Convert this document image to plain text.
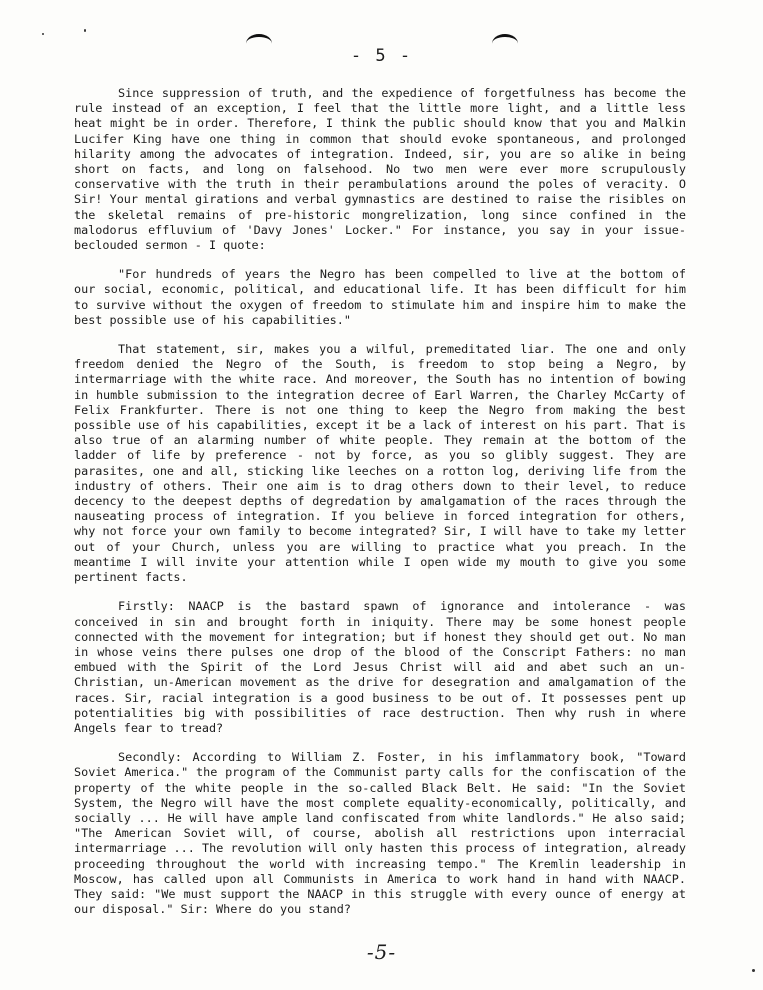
- 5 -

Since suppression of truth, and the expedience of forgetfulness has become the rule instead of an exception, I feel that the little more light, and a little less heat might be in order. Therefore, I think the public should know that you and Malkin Lucifer King have one thing in common that should evoke spontaneous, and prolonged hilarity among the advocates of integration. Indeed, sir, you are so alike in being short on facts, and long on falsehood. No two men were ever more scrupulously conservative with the truth in their perambulations around the poles of veracity. O Sir! Your mental girations and verbal gymnastics are destined to raise the risibles on the skeletal remains of pre-historic mongrelization, long since confined in the malodorus effluvium of 'Davy Jones' Locker." For instance, you say in your issue-beclouded sermon - I quote:

"For hundreds of years the Negro has been compelled to live at the bottom of our social, economic, political, and educational life. It has been difficult for him to survive without the oxygen of freedom to stimulate him and inspire him to make the best possible use of his capabilities."

That statement, sir, makes you a wilful, premeditated liar. The one and only freedom denied the Negro of the South, is freedom to stop being a Negro, by intermarriage with the white race. And moreover, the South has no intention of bowing in humble submission to the integration decree of Earl Warren, the Charley McCarty of Felix Frankfurter. There is not one thing to keep the Negro from making the best possible use of his capabilities, except it be a lack of interest on his part. That is also true of an alarming number of white people. They remain at the bottom of the ladder of life by preference - not by force, as you so glibly suggest. They are parasites, one and all, sticking like leeches on a rotton log, deriving life from the industry of others. Their one aim is to drag others down to their level, to reduce decency to the deepest depths of degredation by amalgamation of the races through the nauseating process of integration. If you believe in forced integration for others, why not force your own family to become integrated? Sir, I will have to take my letter out of your Church, unless you are willing to practice what you preach. In the meantime I will invite your attention while I open wide my mouth to give you some pertinent facts.

Firstly: NAACP is the bastard spawn of ignorance and intolerance - was conceived in sin and brought forth in iniquity. There may be some honest people connected with the movement for integration; but if honest they should get out. No man in whose veins there pulses one drop of the blood of the Conscript Fathers: no man embued with the Spirit of the Lord Jesus Christ will aid and abet such an un-Christian, un-American movement as the drive for desegration and amalgamation of the races. Sir, racial integration is a good business to be out of. It possesses pent up potentialities big with possibilities of race destruction. Then why rush in where Angels fear to tread?

Secondly: According to William Z. Foster, in his imflammatory book, "Toward Soviet America." the program of the Communist party calls for the confiscation of the property of the white people in the so-called Black Belt. He said: "In the Soviet System, the Negro will have the most complete equality-economically, politically, and socially ... He will have ample land confiscated from white landlords." He also said; "The American Soviet will, of course, abolish all restrictions upon interracial intermarriage ... The revolution will only hasten this process of integration, already proceeding throughout the world with increasing tempo." The Kremlin leadership in Moscow, has called upon all Communists in America to work hand in hand with NAACP. They said: "We must support the NAACP in this struggle with every ounce of energy at our disposal." Sir: Where do you stand?

-5-
